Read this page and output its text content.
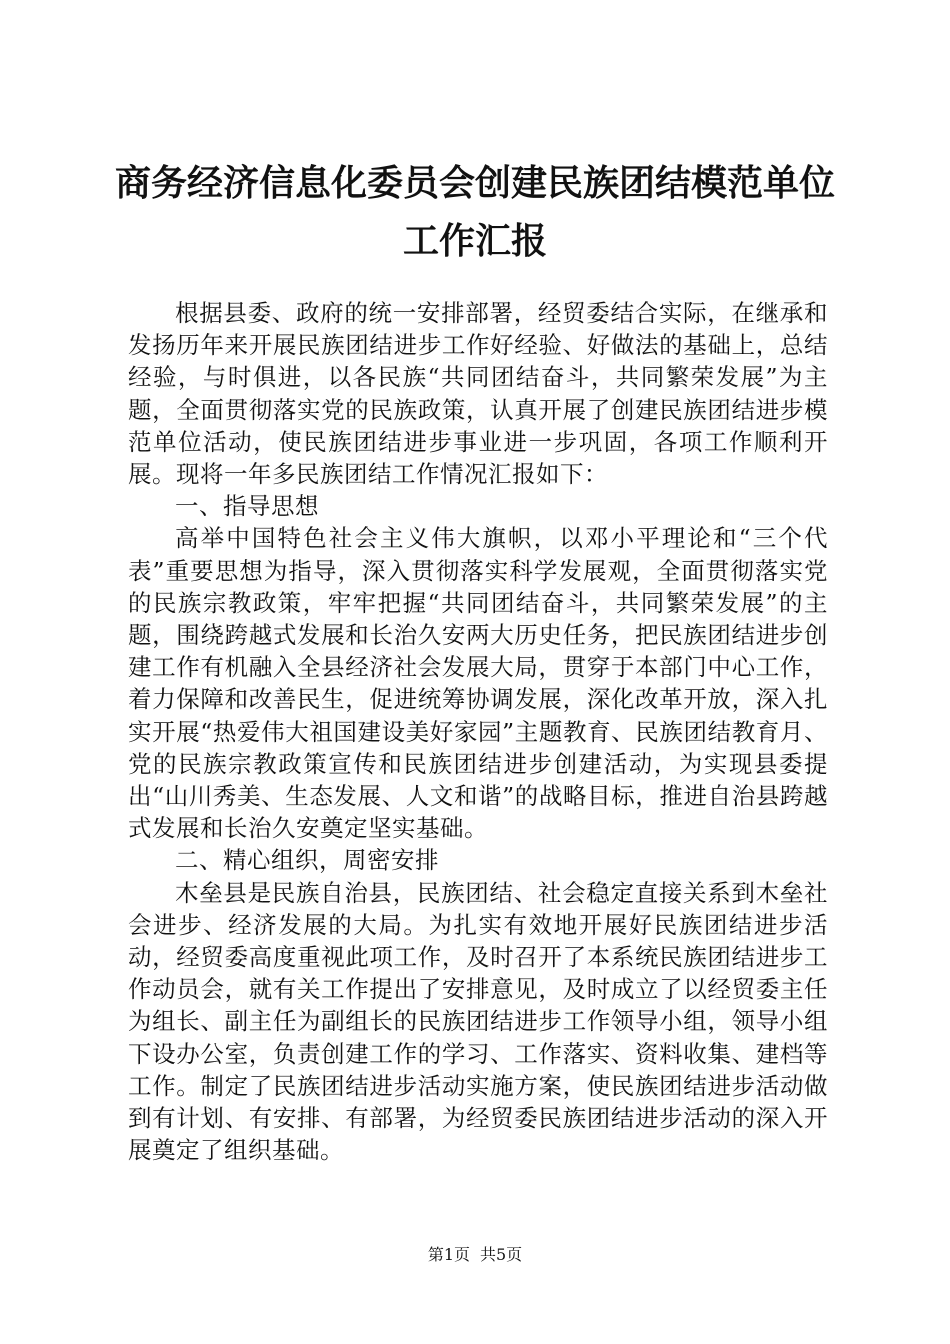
商务经济信息化委员会创建民族团结模范单位
工作汇报

根据县委、政府的统一安排部署，经贸委结合实际，在继承和发扬历年来开展民族团结进步工作好经验、好做法的基础上，总结经验，与时俱进，以各民族“共同团结奋斗，共同繁荣发展”为主题，全面贯彻落实党的民族政策，认真开展了创建民族团结进步模范单位活动，使民族团结进步事业进一步巩固，各项工作顺利开展。现将一年多民族团结工作情况汇报如下：

一、指导思想

高举中国特色社会主义伟大旗帜，以邓小平理论和“三个代表”重要思想为指导，深入贯彻落实科学发展观，全面贯彻落实党的民族宗教政策，牢牢把握“共同团结奋斗，共同繁荣发展”的主题，围绕跨越式发展和长治久安两大历史任务，把民族团结进步创建工作有机融入全县经济社会发展大局，贯穿于本部门中心工作，着力保障和改善民生，促进统筹协调发展，深化改革开放，深入扎实开展“热爱伟大祖国建设美好家园”主题教育、民族团结教育月、党的民族宗教政策宣传和民族团结进步创建活动，为实现县委提出“山川秀美、生态发展、人文和谐”的战略目标，推进自治县跨越式发展和长治久安奠定坚实基础。

二、精心组织，周密安排

木垒县是民族自治县，民族团结、社会稳定直接关系到木垒社会进步、经济发展的大局。为扎实有效地开展好民族团结进步活动，经贸委高度重视此项工作，及时召开了本系统民族团结进步工作动员会，就有关工作提出了安排意见，及时成立了以经贸委主任为组长、副主任为副组长的民族团结进步工作领导小组，领导小组下设办公室，负责创建工作的学习、工作落实、资料收集、建档等工作。制定了民族团结进步活动实施方案，使民族团结进步活动做到有计划、有安排、有部署，为经贸委民族团结进步活动的深入开展奠定了组织基础。

第1页 共5页
